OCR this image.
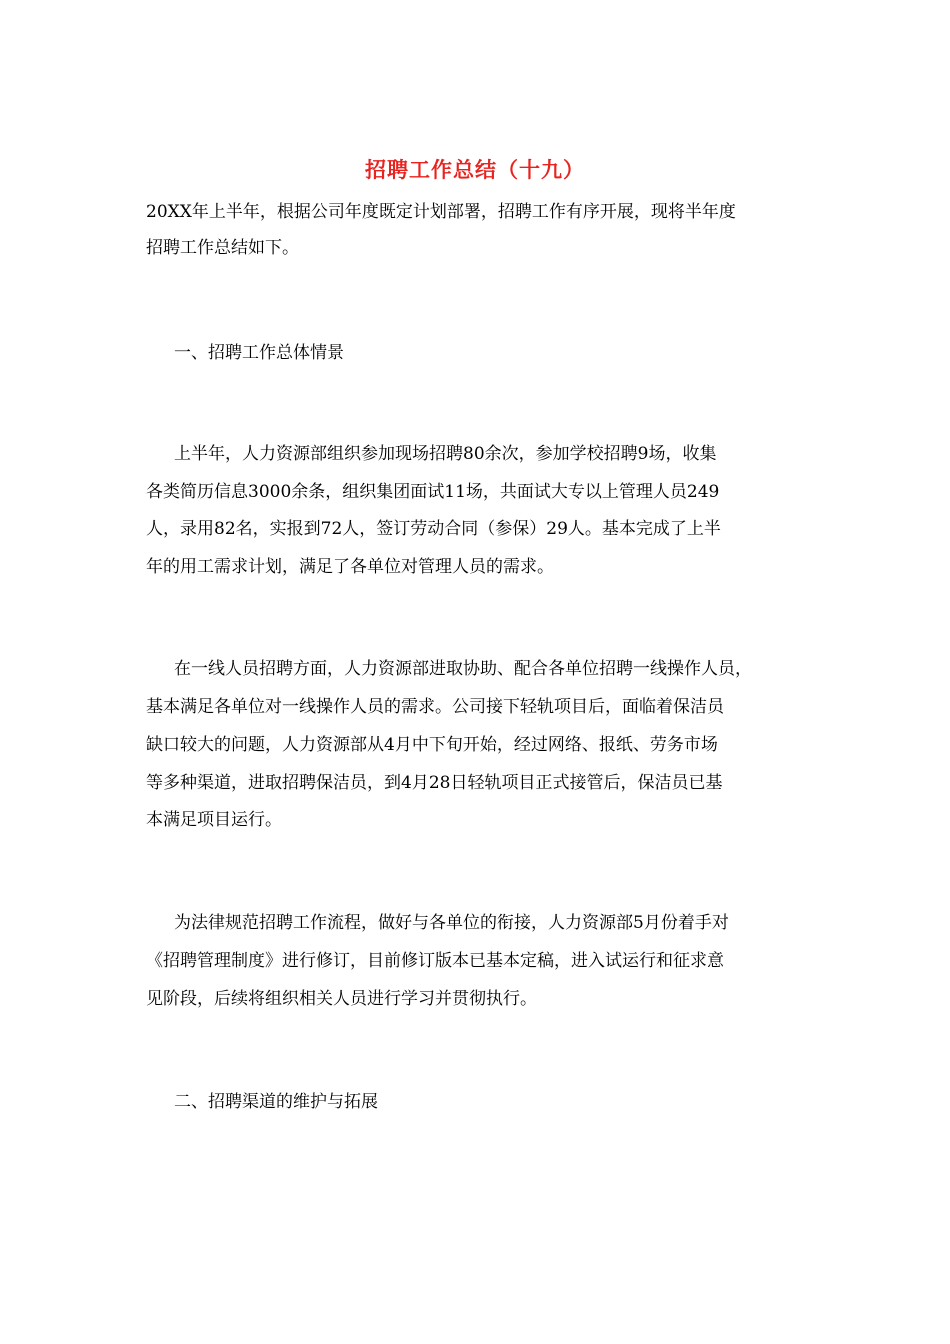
招聘工作总结（十九）
20XX年上半年，根据公司年度既定计划部署，招聘工作有序开展，现将半年度
招聘工作总结如下。
一、招聘工作总体情景
上半年，人力资源部组织参加现场招聘80余次，参加学校招聘9场，收集
各类简历信息3000余条，组织集团面试11场，共面试大专以上管理人员249
人，录用82名，实报到72人，签订劳动合同（参保）29人。基本完成了上半
年的用工需求计划，满足了各单位对管理人员的需求。
在一线人员招聘方面，人力资源部进取协助、配合各单位招聘一线操作人员，
基本满足各单位对一线操作人员的需求。公司接下轻轨项目后，面临着保洁员
缺口较大的问题，人力资源部从4月中下旬开始，经过网络、报纸、劳务市场
等多种渠道，进取招聘保洁员，到4月28日轻轨项目正式接管后，保洁员已基
本满足项目运行。
为法律规范招聘工作流程，做好与各单位的衔接，人力资源部5月份着手对
《招聘管理制度》进行修订，目前修订版本已基本定稿，进入试运行和征求意
见阶段，后续将组织相关人员进行学习并贯彻执行。
二、招聘渠道的维护与拓展
